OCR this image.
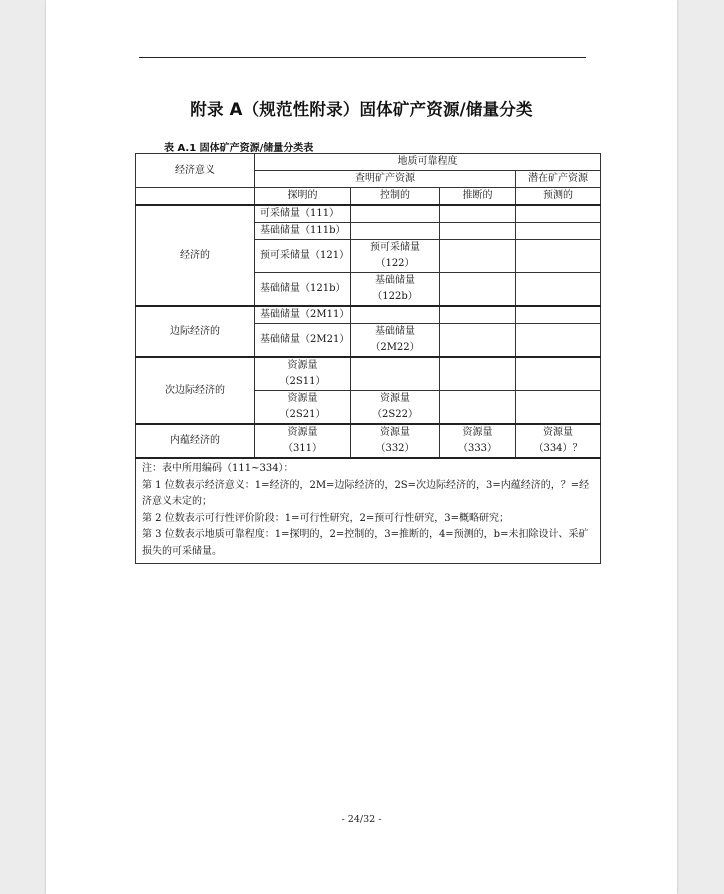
附录 A（规范性附录）固体矿产资源/储量分类
表 A.1 固体矿产资源/储量分类表
经济意义	地质可靠程度			
	查明矿产资源			潜在矿产资源
	探明的	控制的	推断的	预测的
经济的	可采储量（111）			
	基础储量（111b）			
	预可采储量（121）	预可采储量
（122）		

	基础储量（121b）	基础储量
（122b）		

边际经济的	基础储量（2M11）			
	基础储量（2M21）	基础储量
（2M22）		

次边际经济的	资源量
（2S11）			

	资源量
（2S21）	资源量
（2S22）		

内蕴经济的	资源量
（311）	资源量
（332）	资源量
（333）	资源量
（334）？

注：表中所用编码（111~334）：
第 1 位数表示经济意义：1=经济的，2M=边际经济的，2S=次边际经济的，3=内蕴经济的，？=经济意义未定的；
第 2 位数表示可行性评价阶段：1=可行性研究，2=预可行性研究，3=概略研究；
第 3 位数表示地质可靠程度：1=探明的，2=控制的，3=推断的，4=预测的，b=未扣除设计、采矿损失的可采储量。				
- 24/32 -
